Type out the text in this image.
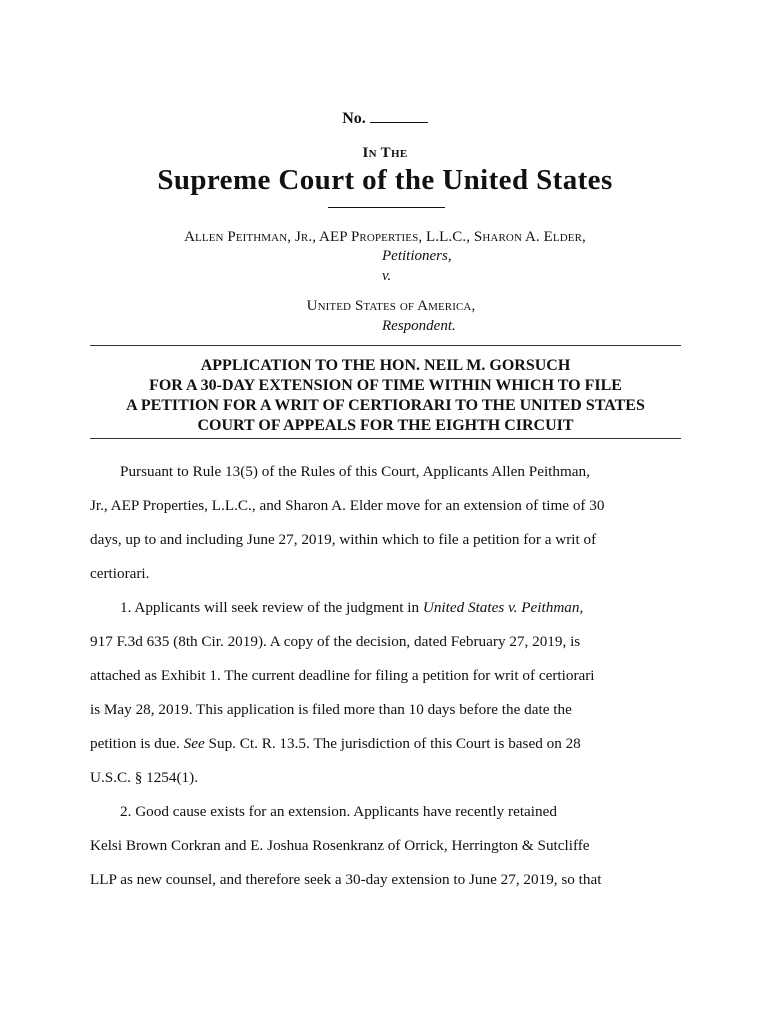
No.
In The
Supreme Court of the United States
Allen Peithman, Jr., AEP Properties, L.L.C., Sharon A. Elder,
Petitioners,
v.
United States of America,
Respondent.
APPLICATION TO THE HON. NEIL M. GORSUCH
FOR A 30-DAY EXTENSION OF TIME WITHIN WHICH TO FILE
A PETITION FOR A WRIT OF CERTIORARI TO THE UNITED STATES
COURT OF APPEALS FOR THE EIGHTH CIRCUIT

Pursuant to Rule 13(5) of the Rules of this Court, Applicants Allen Peithman,
Jr., AEP Properties, L.L.C., and Sharon A. Elder move for an extension of time of 30
days, up to and including June 27, 2019, within which to file a petition for a writ of
certiorari.

1. Applicants will seek review of the judgment in United States v. Peithman,
917 F.3d 635 (8th Cir. 2019). A copy of the decision, dated February 27, 2019, is
attached as Exhibit 1. The current deadline for filing a petition for writ of certiorari
is May 28, 2019. This application is filed more than 10 days before the date the
petition is due. See Sup. Ct. R. 13.5. The jurisdiction of this Court is based on 28
U.S.C. § 1254(1).

2. Good cause exists for an extension. Applicants have recently retained
Kelsi Brown Corkran and E. Joshua Rosenkranz of Orrick, Herrington & Sutcliffe
LLP as new counsel, and therefore seek a 30-day extension to June 27, 2019, so that
